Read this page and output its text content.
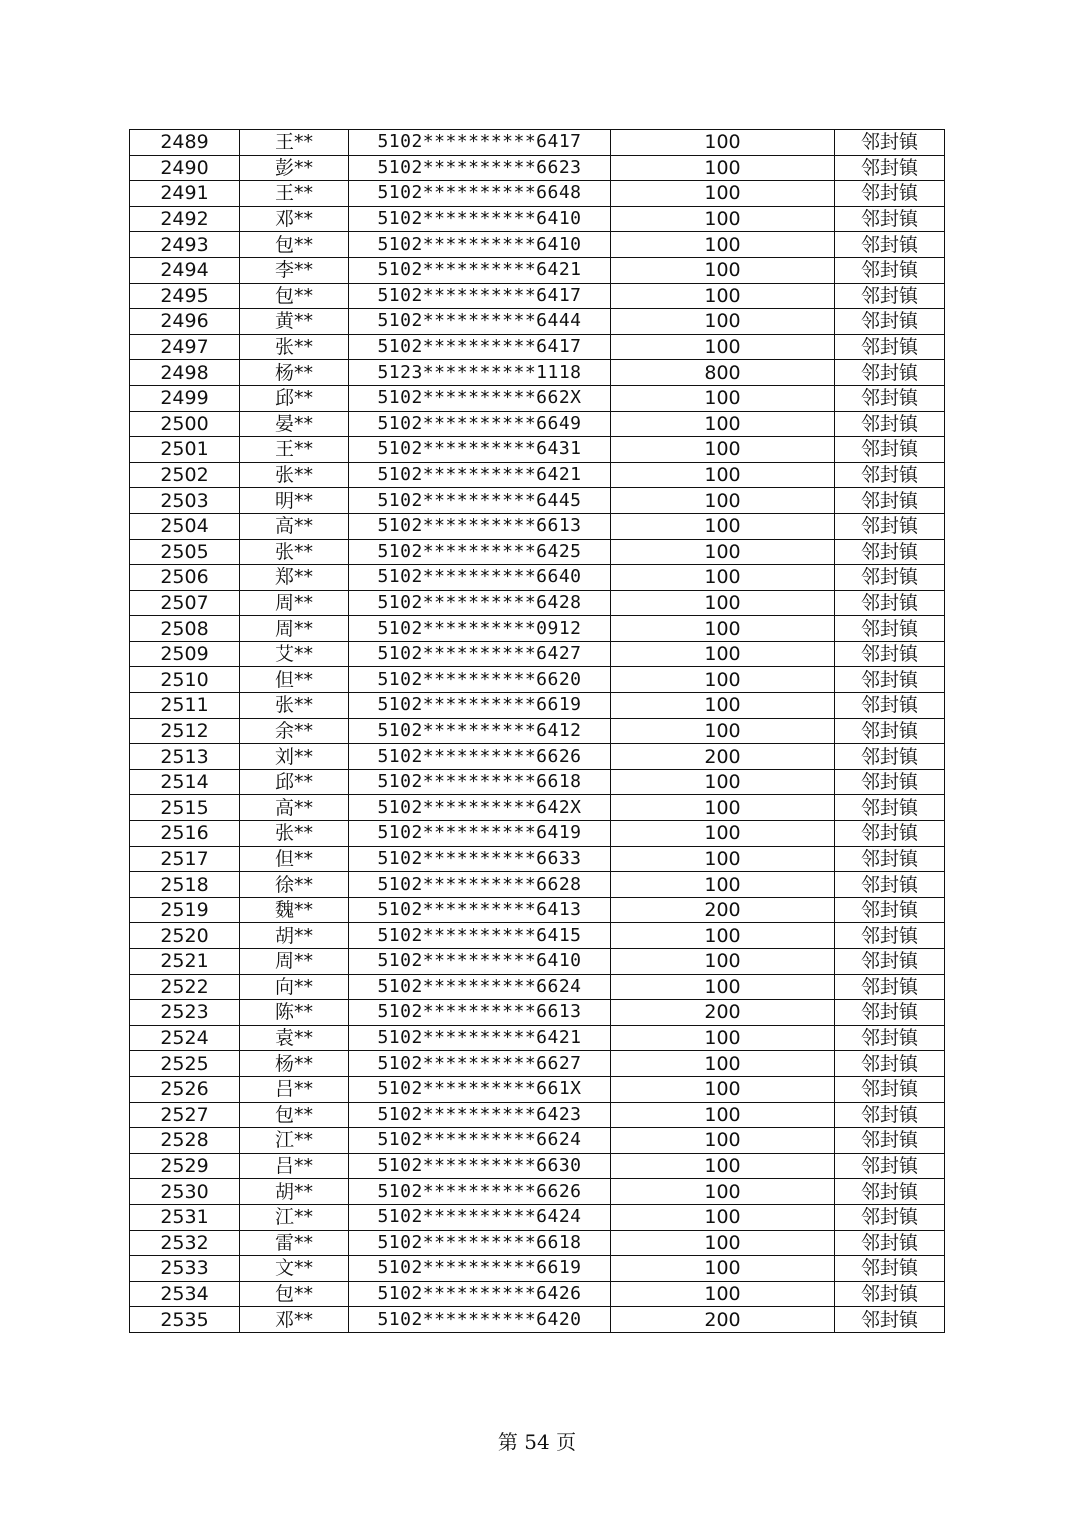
2489	王**	5102**********6417	100	邻封镇
2490	彭**	5102**********6623	100	邻封镇
2491	王**	5102**********6648	100	邻封镇
2492	邓**	5102**********6410	100	邻封镇
2493	包**	5102**********6410	100	邻封镇
2494	李**	5102**********6421	100	邻封镇
2495	包**	5102**********6417	100	邻封镇
2496	黄**	5102**********6444	100	邻封镇
2497	张**	5102**********6417	100	邻封镇
2498	杨**	5123**********1118	800	邻封镇
2499	邱**	5102**********662X	100	邻封镇
2500	晏**	5102**********6649	100	邻封镇
2501	王**	5102**********6431	100	邻封镇
2502	张**	5102**********6421	100	邻封镇
2503	明**	5102**********6445	100	邻封镇
2504	高**	5102**********6613	100	邻封镇
2505	张**	5102**********6425	100	邻封镇
2506	郑**	5102**********6640	100	邻封镇
2507	周**	5102**********6428	100	邻封镇
2508	周**	5102**********0912	100	邻封镇
2509	艾**	5102**********6427	100	邻封镇
2510	但**	5102**********6620	100	邻封镇
2511	张**	5102**********6619	100	邻封镇
2512	余**	5102**********6412	100	邻封镇
2513	刘**	5102**********6626	200	邻封镇
2514	邱**	5102**********6618	100	邻封镇
2515	高**	5102**********642X	100	邻封镇
2516	张**	5102**********6419	100	邻封镇
2517	但**	5102**********6633	100	邻封镇
2518	徐**	5102**********6628	100	邻封镇
2519	魏**	5102**********6413	200	邻封镇
2520	胡**	5102**********6415	100	邻封镇
2521	周**	5102**********6410	100	邻封镇
2522	向**	5102**********6624	100	邻封镇
2523	陈**	5102**********6613	200	邻封镇
2524	袁**	5102**********6421	100	邻封镇
2525	杨**	5102**********6627	100	邻封镇
2526	吕**	5102**********661X	100	邻封镇
2527	包**	5102**********6423	100	邻封镇
2528	江**	5102**********6624	100	邻封镇
2529	吕**	5102**********6630	100	邻封镇
2530	胡**	5102**********6626	100	邻封镇
2531	江**	5102**********6424	100	邻封镇
2532	雷**	5102**********6618	100	邻封镇
2533	文**	5102**********6619	100	邻封镇
2534	包**	5102**********6426	100	邻封镇
2535	邓**	5102**********6420	200	邻封镇
第 54 页
